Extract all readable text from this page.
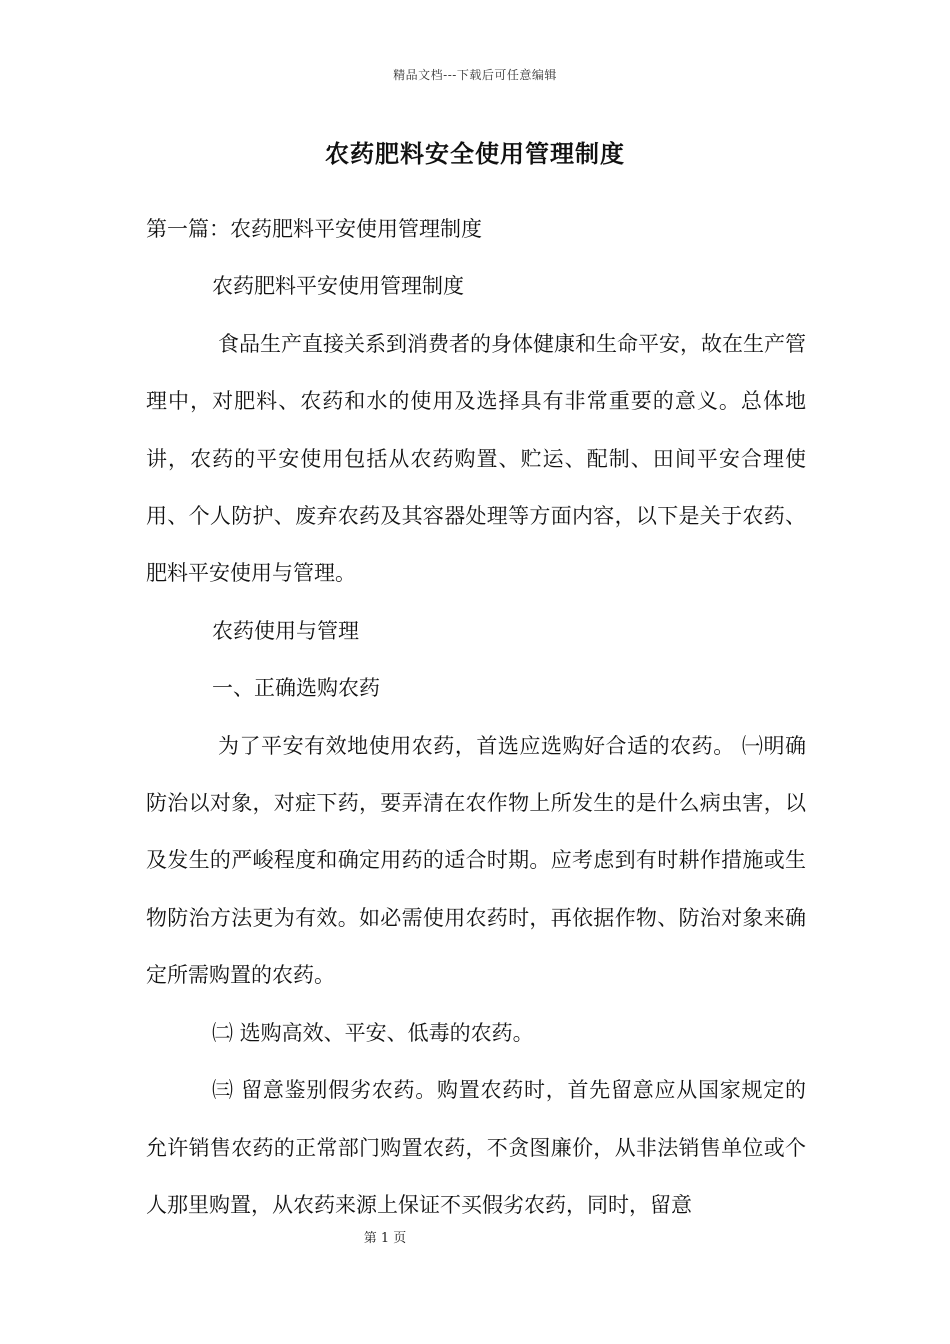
精品文档---下载后可任意编辑
农药肥料安全使用管理制度

第一篇：农药肥料平安使用管理制度

农药肥料平安使用管理制度

食品生产直接关系到消费者的身体健康和生命平安，故在生产管理中，对肥料、农药和水的使用及选择具有非常重要的意义。总体地讲，农药的平安使用包括从农药购置、贮运、配制、田间平安合理使用、个人防护、废弃农药及其容器处理等方面内容，以下是关于农药、肥料平安使用与管理。

农药使用与管理

一、正确选购农药

为了平安有效地使用农药，首选应选购好合适的农药。 ㈠明确防治以对象，对症下药，要弄清在农作物上所发生的是什么病虫害，以及发生的严峻程度和确定用药的适合时期。应考虑到有时耕作措施或生物防治方法更为有效。如必需使用农药时，再依据作物、防治对象来确定所需购置的农药。

㈡ 选购高效、平安、低毒的农药。

㈢ 留意鉴别假劣农药。购置农药时，首先留意应从国家规定的允许销售农药的正常部门购置农药，不贪图廉价，从非法销售单位或个人那里购置，从农药来源上保证不买假劣农药，同时，留意

第 1 页
